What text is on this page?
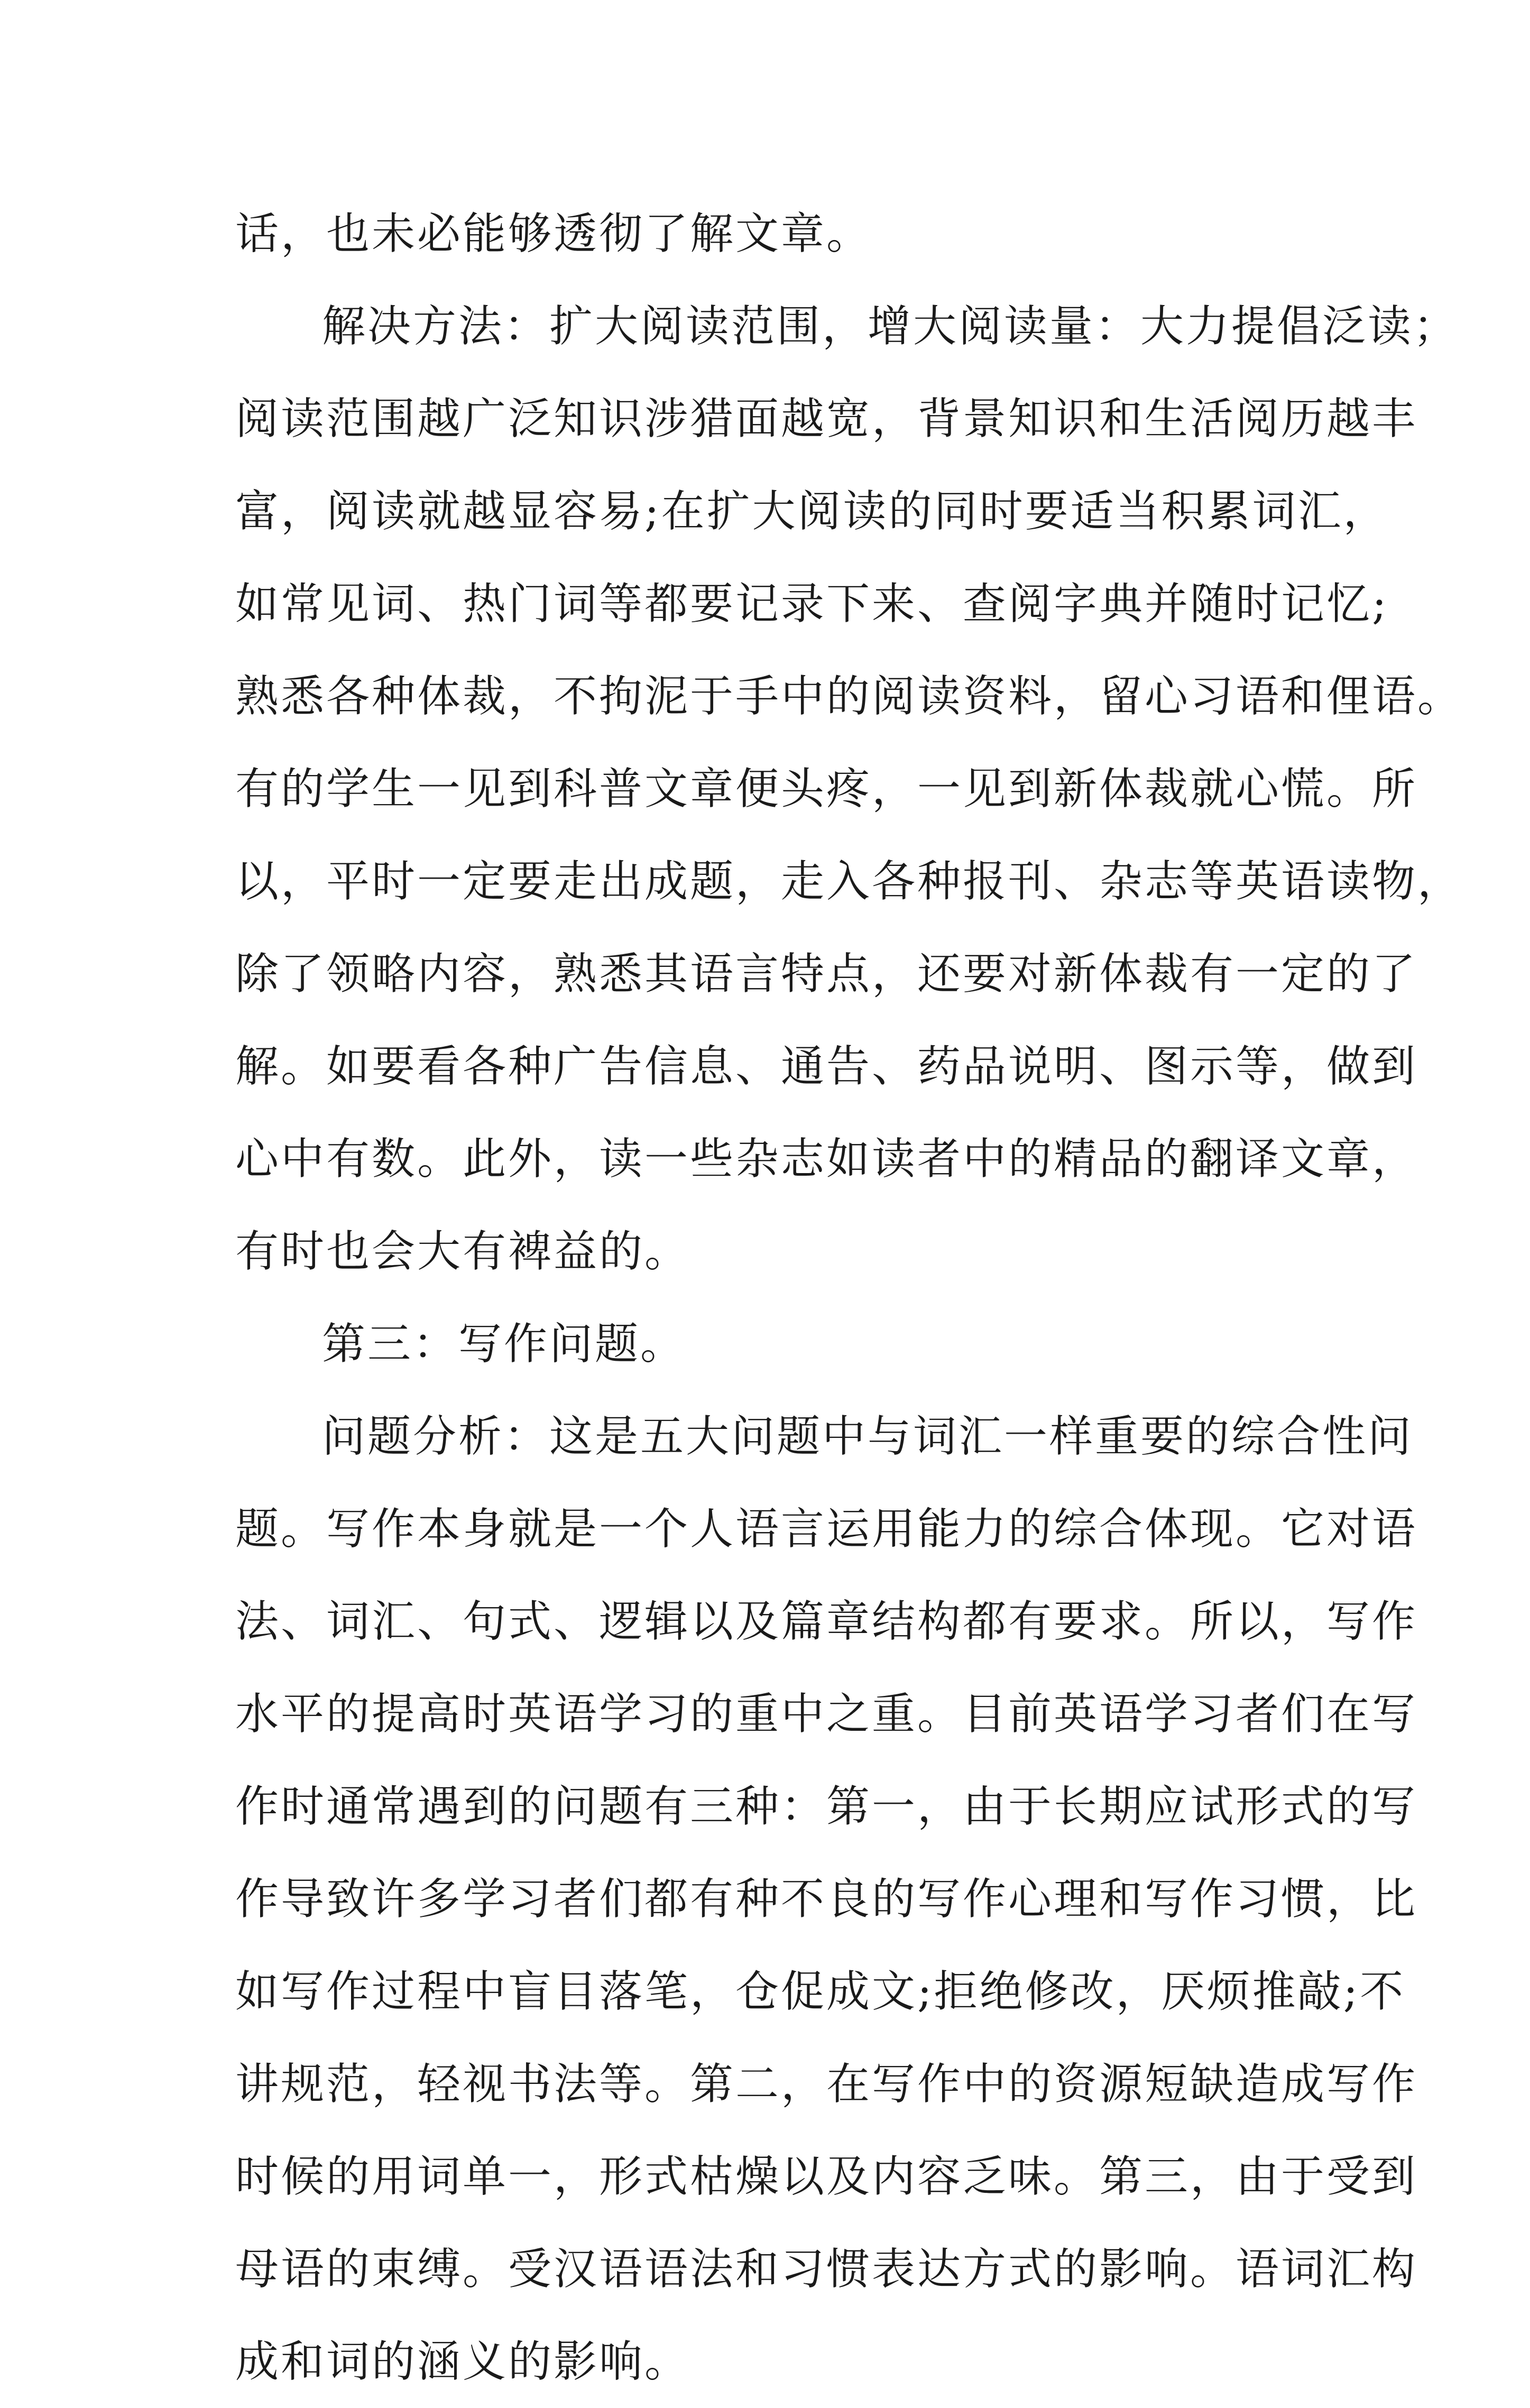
话，也未必能够透彻了解文章。
解决方法：扩大阅读范围，增大阅读量：大力提倡泛读；
阅读范围越广泛知识涉猎面越宽，背景知识和生活阅历越丰
富，阅读就越显容易;在扩大阅读的同时要适当积累词汇，
如常见词、热门词等都要记录下来、查阅字典并随时记忆;
熟悉各种体裁，不拘泥于手中的阅读资料，留心习语和俚语。
有的学生一见到科普文章便头疼，一见到新体裁就心慌。所
以，平时一定要走出成题，走入各种报刊、杂志等英语读物，
除了领略内容，熟悉其语言特点，还要对新体裁有一定的了
解。如要看各种广告信息、通告、药品说明、图示等，做到
心中有数。此外，读一些杂志如读者中的精品的翻译文章，
有时也会大有裨益的。
第三：写作问题。
问题分析：这是五大问题中与词汇一样重要的综合性问
题。写作本身就是一个人语言运用能力的综合体现。它对语
法、词汇、句式、逻辑以及篇章结构都有要求。所以，写作
水平的提高时英语学习的重中之重。目前英语学习者们在写
作时通常遇到的问题有三种：第一，由于长期应试形式的写
作导致许多学习者们都有种不良的写作心理和写作习惯，比
如写作过程中盲目落笔，仓促成文;拒绝修改，厌烦推敲;不
讲规范，轻视书法等。第二，在写作中的资源短缺造成写作
时候的用词单一，形式枯燥以及内容乏味。第三，由于受到
母语的束缚。受汉语语法和习惯表达方式的影响。语词汇构
成和词的涵义的影响。
